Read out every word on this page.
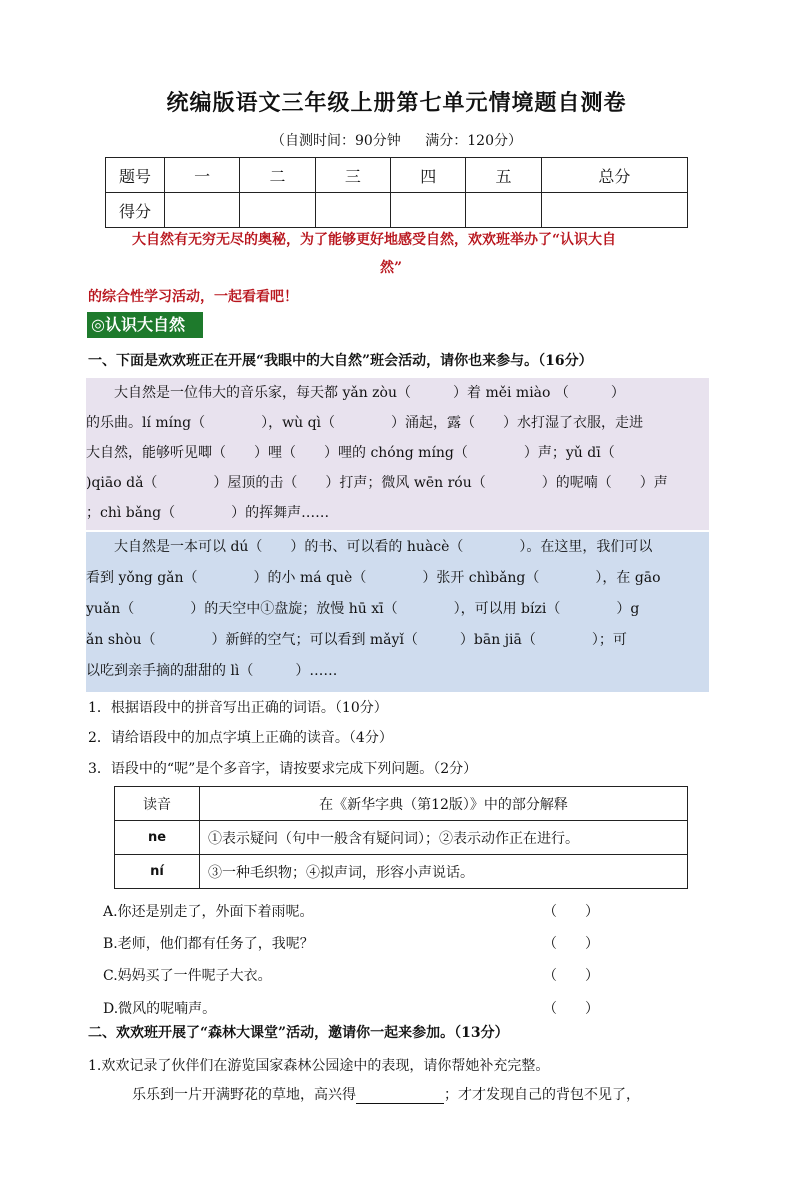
统编版语文三年级上册第七单元情境题自测卷
（自测时间：90分钟 满分：120分）
题号	一	二	三	四	五	总分
得分						
大自然有无穷无尽的奥秘，为了能够更好地感受自然，欢欢班举办了“认识大自
然”
的综合性学习活动，一起看看吧！
◎认识大自然
一、下面是欢欢班正在开展“我眼中的大自然”班会活动，请你也来参与。（16分）
　　大自然是一位伟大的音乐家，每天都 yǎn zòu（　　　）着 měi miào （　　　）
的乐曲。lí míng（　　　　），wù qì（　　　　）涌起，露（　　）水打湿了衣服，走进
大自然，能够听见唧（　　）哩（　　）哩的 chóng míng（　　　　）声；yǔ dī（
)qiāo dǎ（　　　　）屋顶的击（　　）打声；微风 wēn róu（　　　　）的呢喃（　　）声
；chì bǎng（　　　　）的挥舞声……
　　大自然是一本可以 dú（　　）的书、可以看的 huàcè（　　　　）。在这里，我们可以
看到 yǒng gǎn（　　　　）的小 má què（　　　　）张开 chìbǎng（　　　　），在 gāo
yuǎn（　　　　）的天空中①盘旋；放慢 hū xī（　　　　），可以用 bízi（　　　　）g
ǎn shòu（　　　　）新鲜的空气；可以看到 mǎyǐ（　　　）bān jiā（　　　　）；可
以吃到亲手摘的甜甜的 lì（　　　）……
1．根据语段中的拼音写出正确的词语。（10分）
2．请给语段中的加点字填上正确的读音。（4分）
3．语段中的“呢”是个多音字，请按要求完成下列问题。（2分）
读音	在《新华字典（第12版）》中的部分解释
ne	①表示疑问（句中一般含有疑问词）；②表示动作正在进行。
ní	③一种毛织物；④拟声词，形容小声说话。
A.你还是别走了，外面下着雨呢。	（　　）
B.老师，他们都有任务了，我呢？	（　　）
C.妈妈买了一件呢子大衣。	（　　）
D.微风的呢喃声。	（　　）
二、欢欢班开展了“森林大课堂”活动，邀请你一起来参加。（13分）
1.欢欢记录了伙伴们在游览国家森林公园途中的表现，请你帮她补充完整。
乐乐到一片开满野花的草地，高兴得	；才才发现自己的背包不见了，
